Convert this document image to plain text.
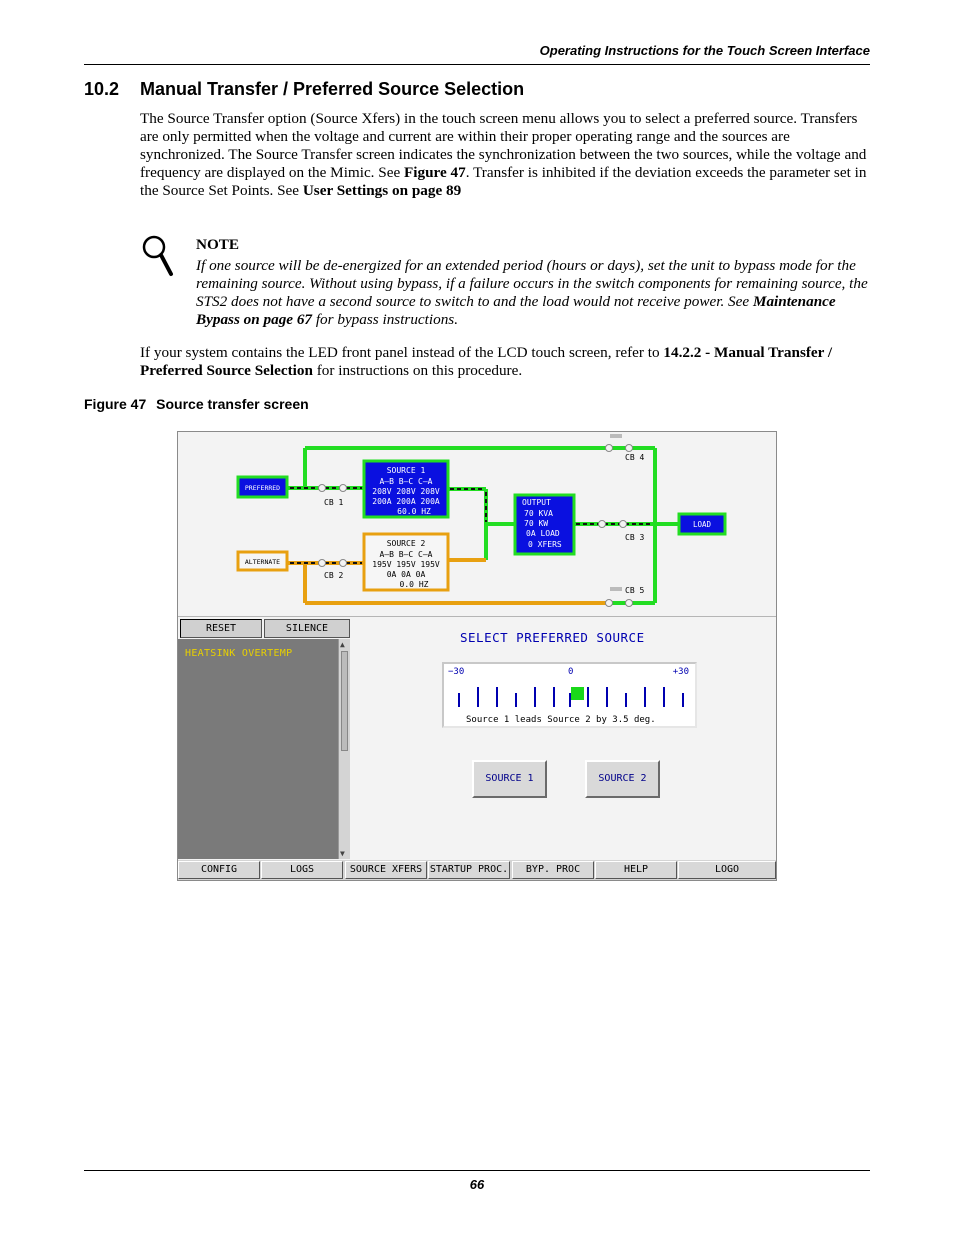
Operating Instructions for the Touch Screen Interface
10.2 Manual Transfer / Preferred Source Selection
The Source Transfer option (Source Xfers) in the touch screen menu allows you to select a preferred source. Transfers are only permitted when the voltage and current are within their proper operating range and the sources are synchronized. The Source Transfer screen indicates the synchronization between the two sources, while the voltage and frequency are displayed on the Mimic. See Figure 47. Transfer is inhibited if the deviation exceeds the parameter set in the Source Set Points. See User Settings on page 89
NOTE
If one source will be de-energized for an extended period (hours or days), set the unit to bypass mode for the remaining source. Without using bypass, if a failure occurs in the switch components for remaining source, the STS2 does not have a second source to switch to and the load would not receive power. See Maintenance Bypass on page 67 for bypass instructions.
If your system contains the LED front panel instead of the LCD touch screen, refer to 14.2.2 - Manual Transfer / Preferred Source Selection for instructions on this procedure.
Figure 47 Source transfer screen
PREFERRED
ALTERNATE
LOAD
SOURCE 1
A–B B–C C–A
208V 208V 208V
200A 200A 200A
60.0 HZ
SOURCE 2
A–B B–C C–A
195V 195V 195V
0A 0A 0A
0.0 HZ
OUTPUT
70 KVA
70 KW
0A LOAD
0 XFERS
CB 1
CB 2
CB 3
CB 4
CB 5
RESET	SILENCE
HEATSINK OVERTEMP
▲
▼
SELECT PREFERRED SOURCE
−30	0	+30
Source 1 leads Source 2 by 3.5 deg.
SOURCE 1	SOURCE 2
CONFIG	LOGS	SOURCE XFERS STARTUP PROC.	BYP. PROC	HELP	LOGO
66
